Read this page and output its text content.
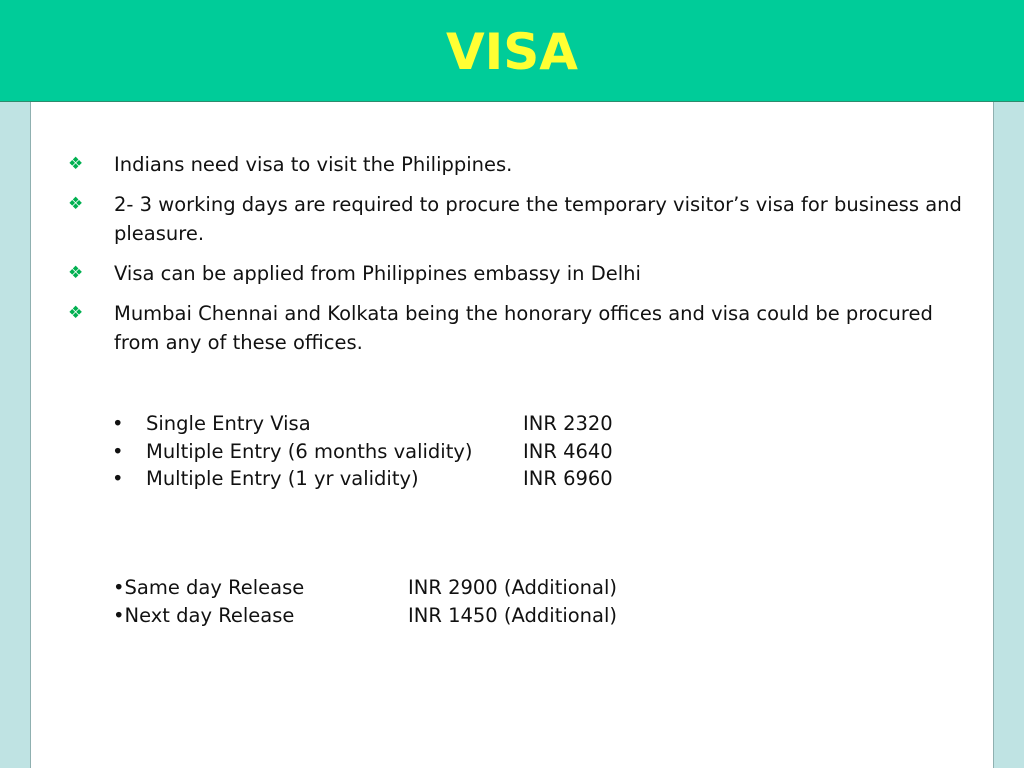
VISA
❖ Indians need visa to visit the Philippines.
❖ 2- 3 working days are required to procure the temporary visitor’s visa for business and pleasure.
❖ Visa can be applied from Philippines embassy in Delhi
❖ Mumbai Chennai and Kolkata being the honorary offices and visa could be procured from any of these offices.
• Single Entry Visa	INR 2320
• Multiple Entry (6 months validity)	INR 4640
• Multiple Entry (1 yr validity)	INR 6960
•Same day Release	INR 2900 (Additional)
•Next day Release	INR 1450 (Additional)
